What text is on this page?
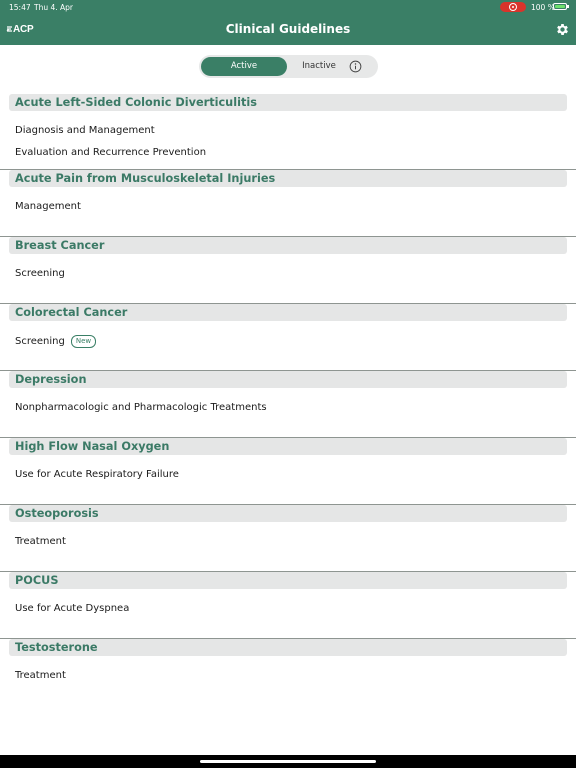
15:47 Thu 4. Apr	100 %
ACP	Clinical Guidelines
Active	Inactive
Acute Left-Sided Colonic Diverticulitis
Diagnosis and Management
Evaluation and Recurrence Prevention
Acute Pain from Musculoskeletal Injuries
Management
Breast Cancer
Screening
Colorectal Cancer
Screening New
Depression
Nonpharmacologic and Pharmacologic Treatments
High Flow Nasal Oxygen
Use for Acute Respiratory Failure
Osteoporosis
Treatment
POCUS
Use for Acute Dyspnea
Testosterone
Treatment
